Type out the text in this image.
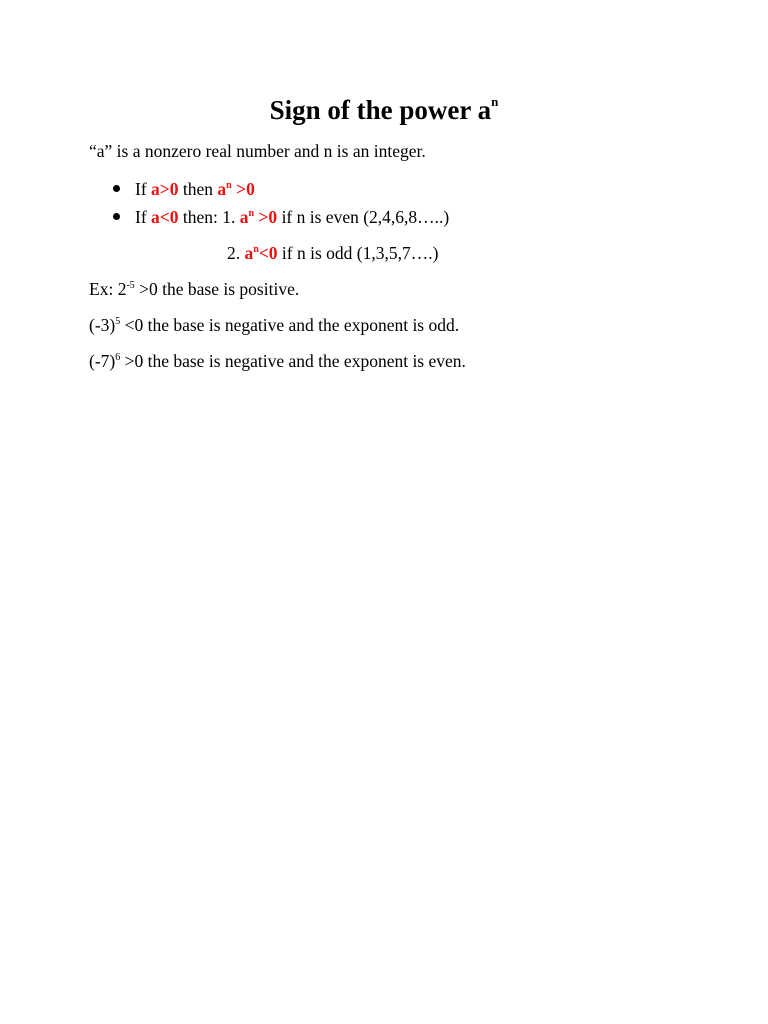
Sign of the power $a^n$
“a” is a nonzero real number and n is an integer.
If a>0 then $a^n >0$
If a<0 then: 1. $a^n >0$ if n is even (2,4,6,8…..)
2. $a^n<0$ if n is odd (1,3,5,7….)
Ex: $2^{-5} >0$ the base is positive.
$(-3)^5 <0$ the base is negative and the exponent is odd.
$(-7)^6 >0$ the base is negative and the exponent is even.
